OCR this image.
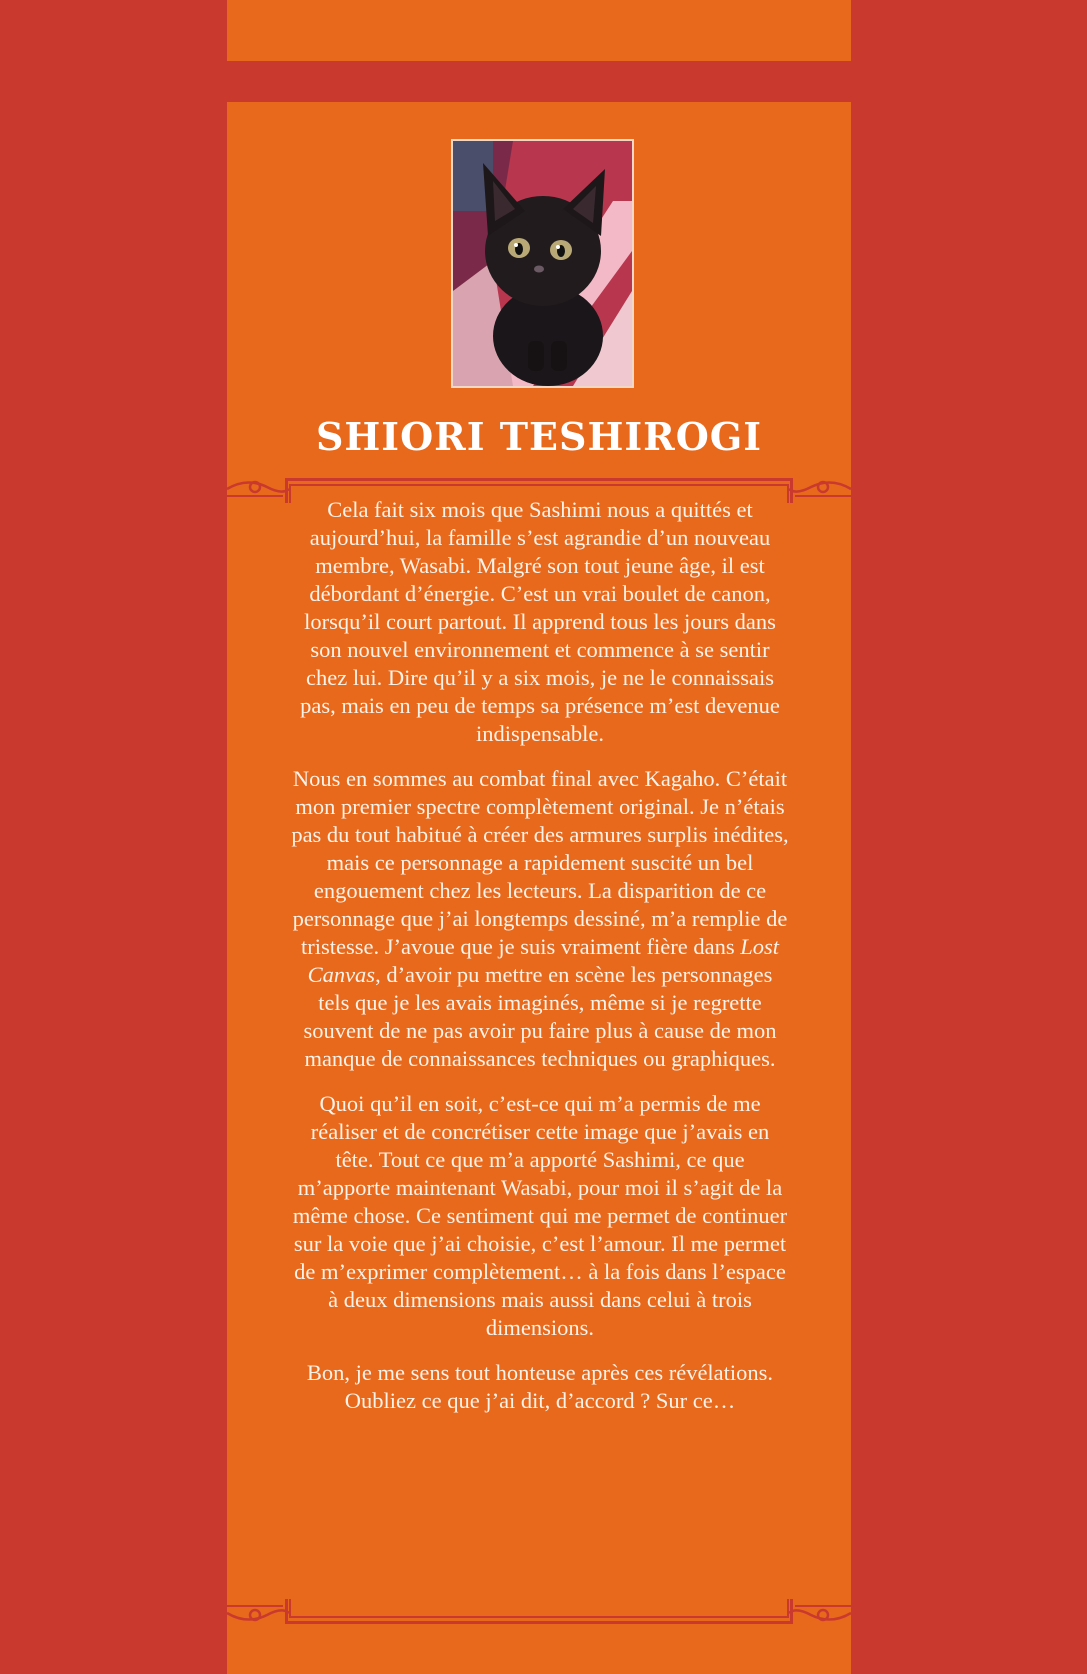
SHIORI TESHIROGI

Cela fait six mois que Sashimi nous a quittés et aujourd’hui, la famille s’est agrandie d’un nouveau membre, Wasabi. Malgré son tout jeune âge, il est débordant d’énergie. C’est un vrai boulet de canon, lorsqu’il court partout. Il apprend tous les jours dans son nouvel environnement et commence à se sentir chez lui. Dire qu’il y a six mois, je ne le connaissais pas, mais en peu de temps sa présence m’est devenue indispensable.

Nous en sommes au combat final avec Kagaho. C’était mon premier spectre complètement original. Je n’étais pas du tout habitué à créer des armures surplis inédites, mais ce personnage a rapidement suscité un bel engouement chez les lecteurs. La disparition de ce personnage que j’ai longtemps dessiné, m’a remplie de tristesse. J’avoue que je suis vraiment fière dans Lost Canvas, d’avoir pu mettre en scène les personnages tels que je les avais imaginés, même si je regrette souvent de ne pas avoir pu faire plus à cause de mon manque de connaissances techniques ou graphiques.

Quoi qu’il en soit, c’est-ce qui m’a permis de me réaliser et de concrétiser cette image que j’avais en tête. Tout ce que m’a apporté Sashimi, ce que m’apporte maintenant Wasabi, pour moi il s’agit de la même chose. Ce sentiment qui me permet de continuer sur la voie que j’ai choisie, c’est l’amour. Il me permet de m’exprimer complètement… à la fois dans l’espace à deux dimensions mais aussi dans celui à trois dimensions.

Bon, je me sens tout honteuse après ces révélations. Oubliez ce que j’ai dit, d’accord ? Sur ce…
